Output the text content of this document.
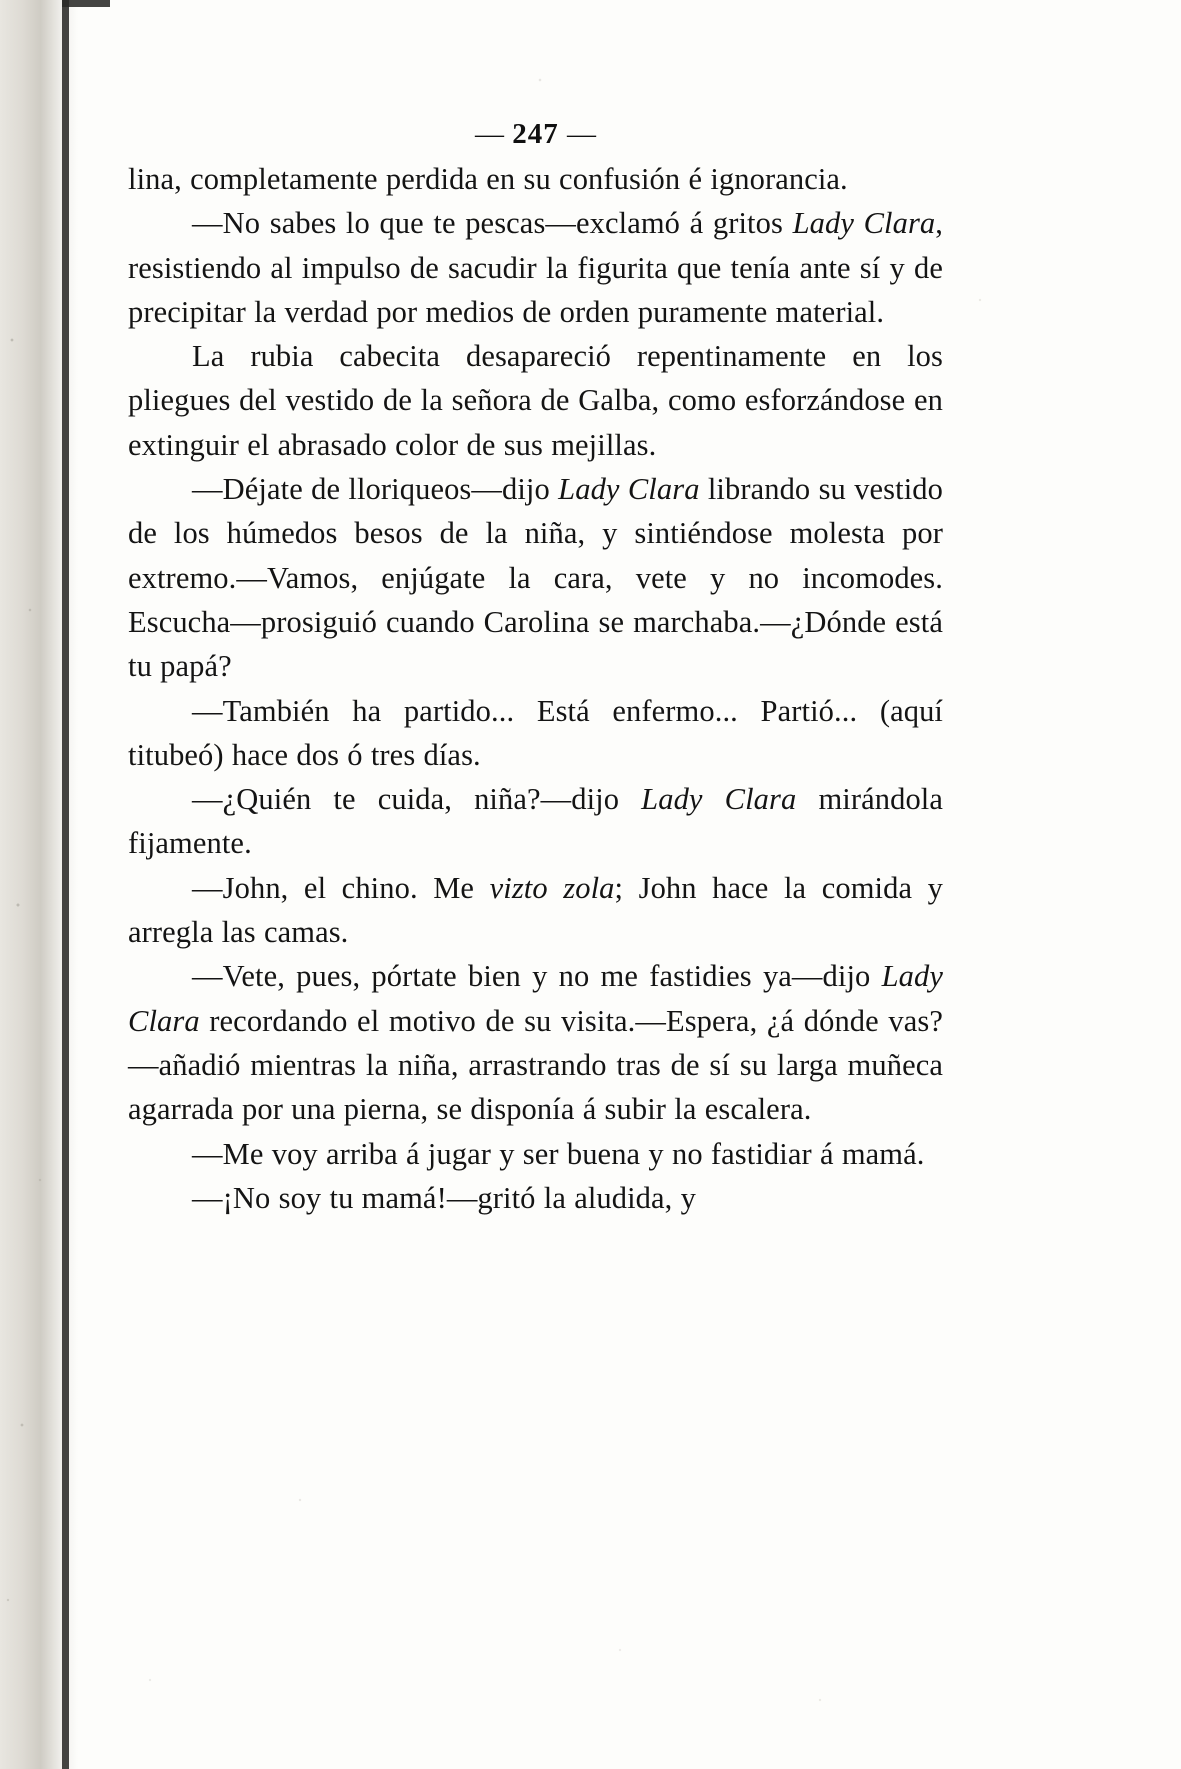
— 247 —

lina, completamente perdida en su confusión é ignorancia.

—No sabes lo que te pescas—exclamó á gritos Lady Clara, resistiendo al impulso de sacudir la figurita que tenía ante sí y de precipitar la verdad por medios de orden puramente material.

La rubia cabecita desapareció repentinamente en los pliegues del vestido de la señora de Galba, como esforzándose en extinguir el abrasado color de sus mejillas.

—Déjate de lloriqueos—dijo Lady Clara librando su vestido de los húmedos besos de la niña, y sintiéndose molesta por extremo.—Vamos, enjúgate la cara, vete y no incomodes. Escucha—prosiguió cuando Carolina se marchaba.—¿Dónde está tu papá?

—También ha partido... Está enfermo... Partió... (aquí titubeó) hace dos ó tres días.

—¿Quién te cuida, niña?—dijo Lady Clara mirándola fijamente.

—John, el chino. Me vizto zola; John hace la comida y arregla las camas.

—Vete, pues, pórtate bien y no me fastidies ya—dijo Lady Clara recordando el motivo de su visita.—Espera, ¿á dónde vas?—añadió mientras la niña, arrastrando tras de sí su larga muñeca agarrada por una pierna, se disponía á subir la escalera.

—Me voy arriba á jugar y ser buena y no fastidiar á mamá.

—¡No soy tu mamá!—gritó la aludida, y
